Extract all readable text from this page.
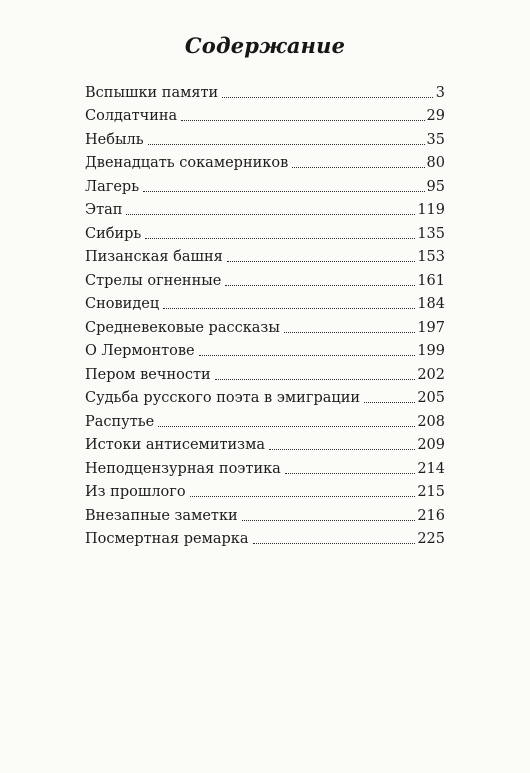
Содержание
Вспышки памяти	3
Солдатчина	29
Небыль	35
Двенадцать сокамерников	80
Лагерь	95
Этап	119
Сибирь	135
Пизанская башня	153
Стрелы огненные	161
Сновидец	184
Средневековые рассказы	197
О Лермонтове	199
Пером вечности	202
Судьба русского поэта в эмиграции	205
Распутье	208
Истоки антисемитизма	209
Неподцензурная поэтика	214
Из прошлого	215
Внезапные заметки	216
Посмертная ремарка	225
